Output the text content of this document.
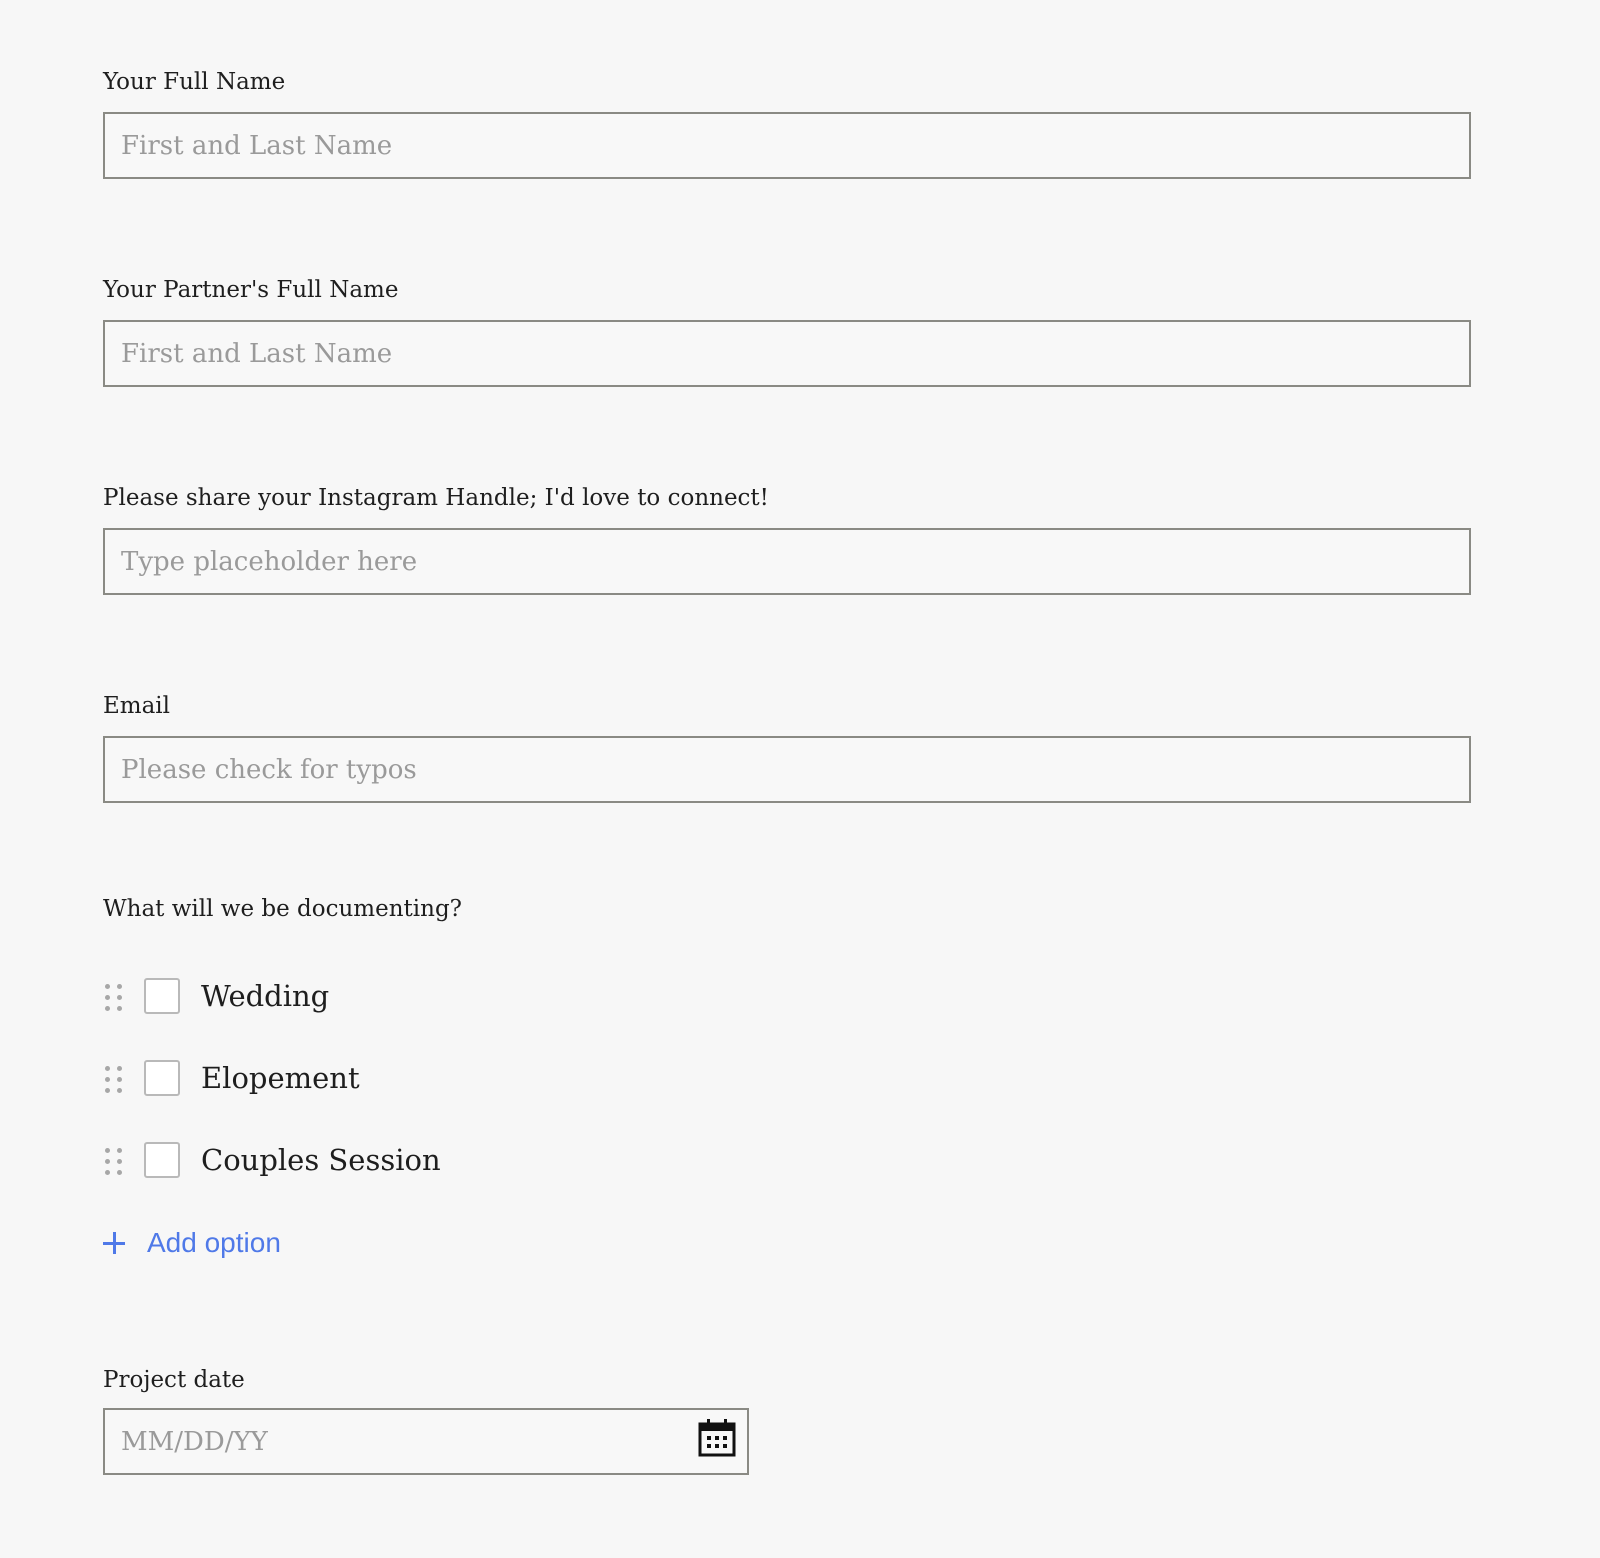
Your Full Name
First and Last Name
Your Partner's Full Name
First and Last Name
Please share your Instagram Handle; I'd love to connect!
Type placeholder here
Email
Please check for typos
What will we be documenting?
Wedding
Elopement
Couples Session
Add option
Project date
MM/DD/YY
